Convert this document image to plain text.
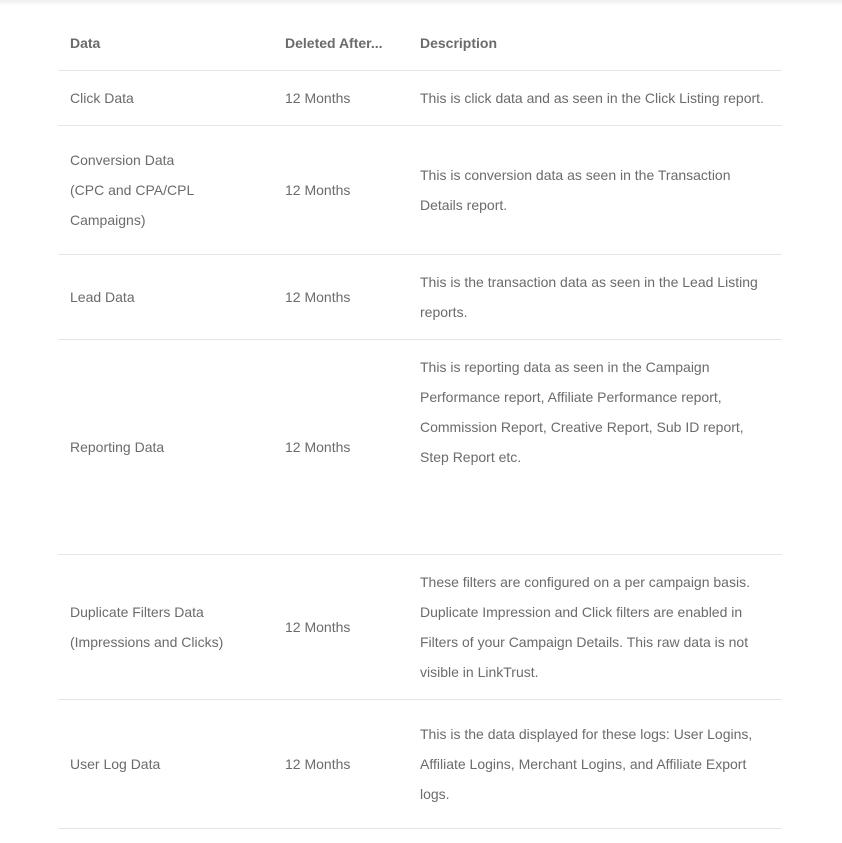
Data	Deleted After...	Description

Click Data	12 Months	This is click data and as seen in the Click Listing report.

Conversion Data (CPC and CPA/CPL Campaigns)	12 Months	This is conversion data as seen in the Transaction Details report.

Lead Data	12 Months	This is the transaction data as seen in the Lead Listing reports.

Reporting Data	12 Months	This is reporting data as seen in the Campaign Performance report, Affiliate Performance report, Commission Report, Creative Report, Sub ID report, Step Report etc.

Duplicate Filters Data (Impressions and Clicks)	12 Months	These filters are configured on a per campaign basis. Duplicate Impression and Click filters are enabled in Filters of your Campaign Details. This raw data is not visible in LinkTrust.

User Log Data	12 Months	This is the data displayed for these logs: User Logins, Affiliate Logins, Merchant Logins, and Affiliate Export logs.
